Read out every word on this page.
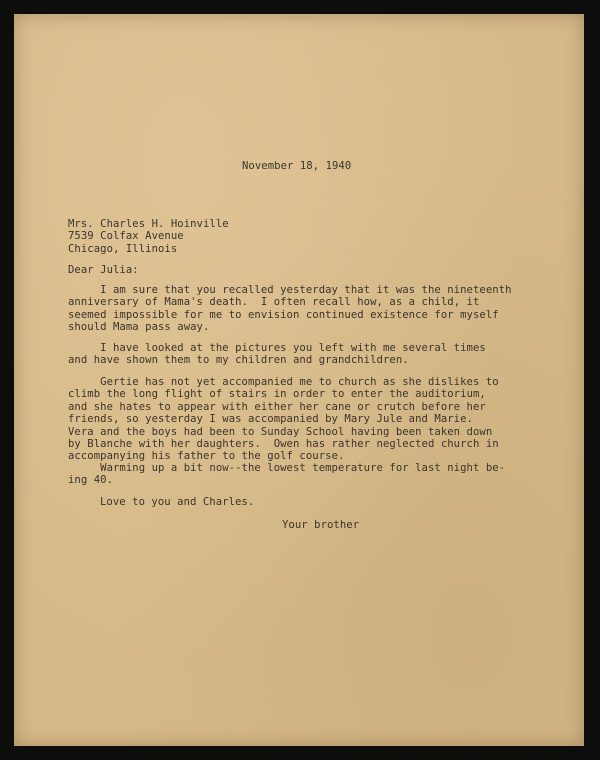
November 18, 1940
Mrs. Charles H. Hoinville
7539 Colfax Avenue
Chicago, Illinois
Dear Julia:
I am sure that you recalled yesterday that it was the nineteenth
anniversary of Mama's death.  I often recall how, as a child, it
seemed impossible for me to envision continued existence for myself
should Mama pass away.
I have looked at the pictures you left with me several times
and have shown them to my children and grandchildren.
Gertie has not yet accompanied me to church as she dislikes to
climb the long flight of stairs in order to enter the auditorium,
and she hates to appear with either her cane or crutch before her
friends, so yesterday I was accompanied by Mary Jule and Marie.
Vera and the boys had been to Sunday School having been taken down
by Blanche with her daughters.  Owen has rather neglected church in
accompanying his father to the golf course.
Warming up a bit now--the lowest temperature for last night be-
ing 40.
Love to you and Charles.
Your brother
